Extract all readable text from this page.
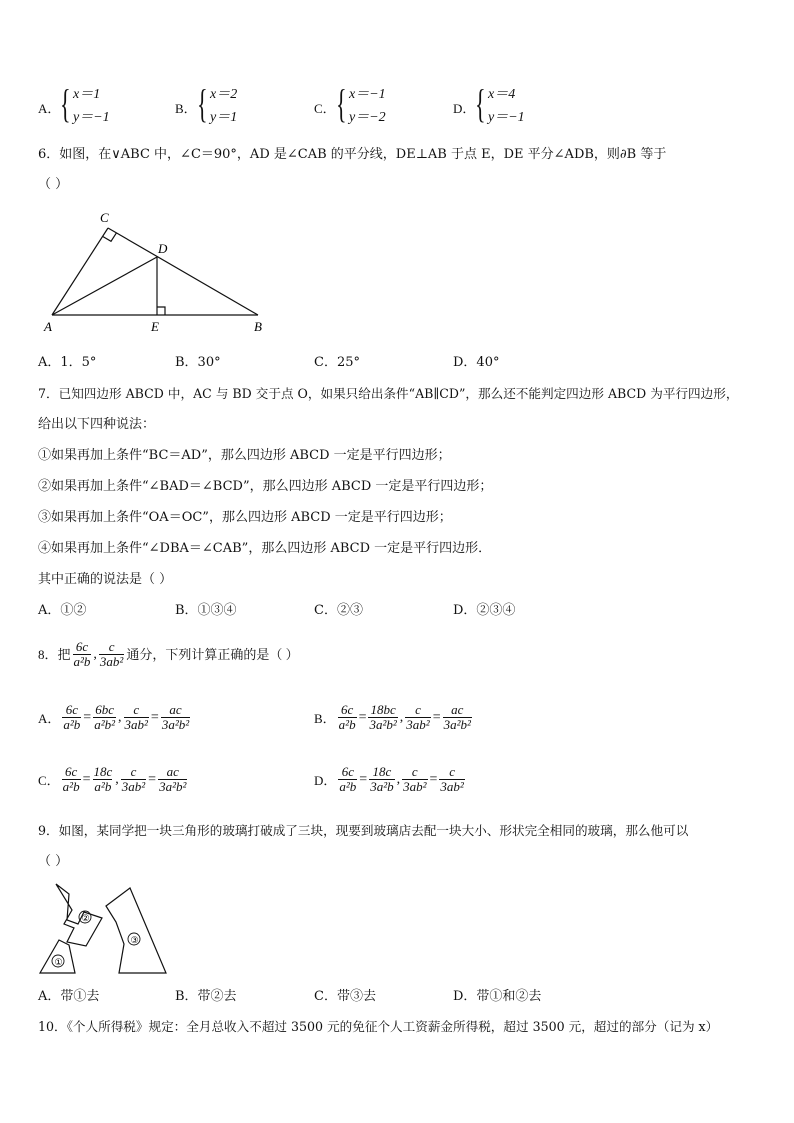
A． { x＝1
y＝−1
B． { x＝2
y＝1
C． { x＝−1
y＝−2
D． { x＝4
y＝−1
6．如图，在∨ABC 中，∠C＝90°，AD 是∠CAB 的平分线，DE⊥AB 于点 E，DE 平分∠ADB，则∂B 等于
（ ）
C
D
A	E	B
A．1．5°	B．30°	C．25°	D．40°
7．已知四边形 ABCD 中，AC 与 BD 交于点 O，如果只给出条件“AB∥CD”，那么还不能判定四边形 ABCD 为平行四边形，
给出以下四种说法：
①如果再加上条件“BC＝AD”，那么四边形 ABCD 一定是平行四边形；
②如果再加上条件“∠BAD＝∠BCD”，那么四边形 ABCD 一定是平行四边形；
③如果再加上条件“OA＝OC”，那么四边形 ABCD 一定是平行四边形；
④如果再加上条件“∠DBA＝∠CAB”，那么四边形 ABCD 一定是平行四边形．
其中正确的说法是（ ）
A．①②	B．①③④	C．②③	D．②③④
8．把 $\frac{6c}{\text{a²b}}$ , $\frac{c}{\text{3ab²}}$ 通分，下列计算正确的是（ ）
A． $\frac{6c}{\text{a²b}} = \frac{6bc}{\text{a²b²}}$ , $\frac{c}{\text{3ab²}} = \frac{ac}{\text{3a²b²}}$	B． $\frac{6c}{\text{a²b}} = \frac{18bc}{\text{3a²b²}}$ , $\frac{c}{\text{3ab²}} = \frac{ac}{\text{3a²b²}}$
C． $\frac{6c}{\text{a²b}} = \frac{18c}{\text{a²b}}$ , $\frac{c}{\text{3ab²}} = \frac{ac}{\text{3a²b²}}$	D． $\frac{6c}{\text{a²b}} = \frac{18c}{\text{3a²b}}$ , $\frac{c}{\text{3ab²}} = \frac{c}{\text{3ab²}}$
9．如图，某同学把一块三角形的玻璃打破成了三块，现要到玻璃店去配一块大小、形状完全相同的玻璃，那么他可以
（ ）
①
②
③
A．带①去	B．带②去	C．带③去	D．带①和②去
10．《个人所得税》规定：全月总收入不超过 3500 元的免征个人工资薪金所得税，超过 3500 元，超过的部分（记为 x）
